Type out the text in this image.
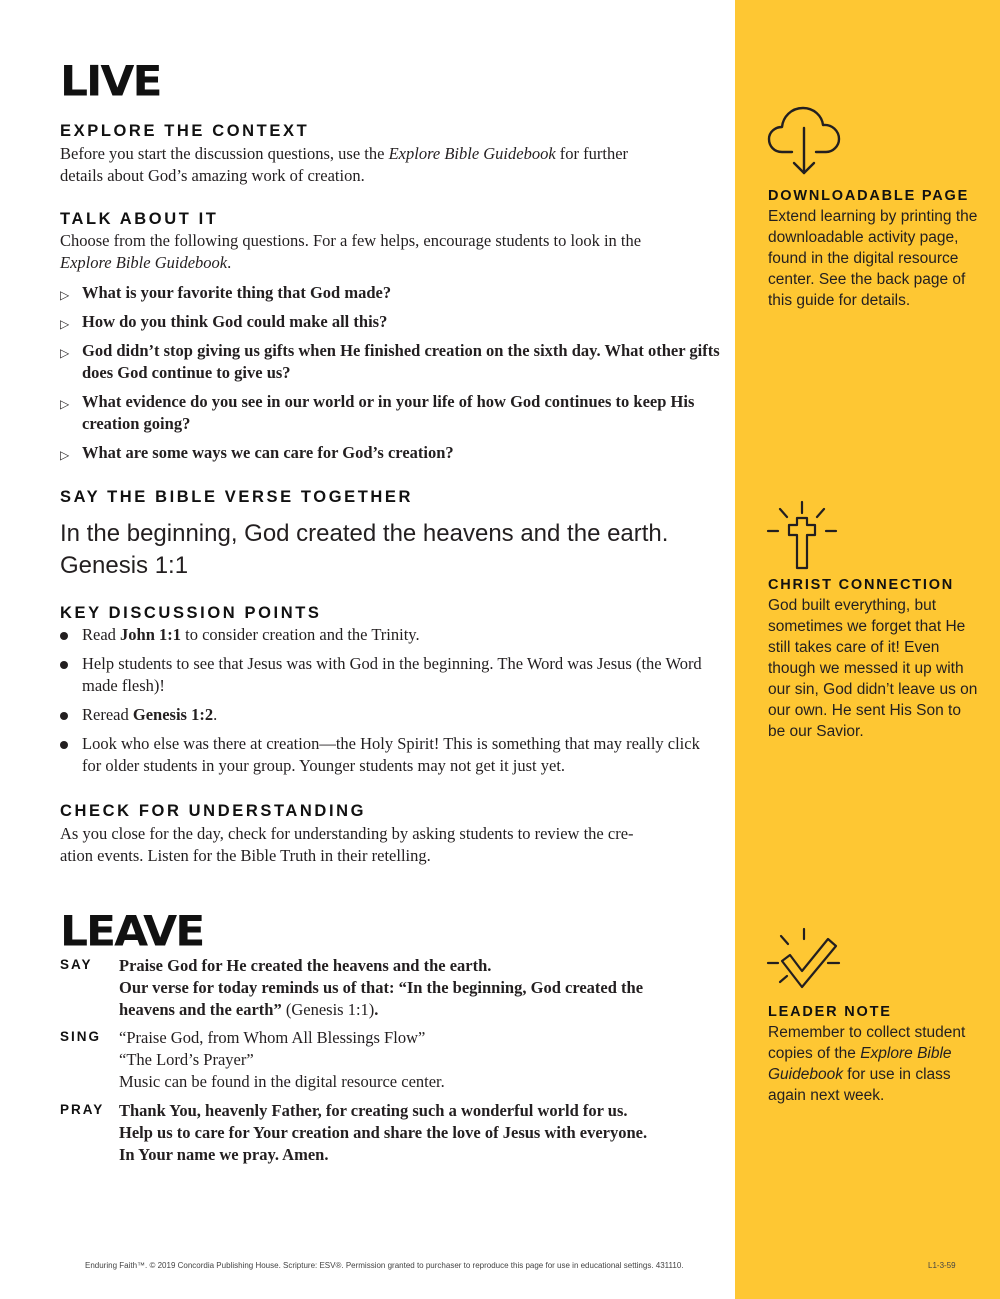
LIVE
EXPLORE THE CONTEXT

Before you start the discussion questions, use the Explore Bible Guidebook for further
details about God’s amazing work of creation.

TALK ABOUT IT

Choose from the following questions. For a few helps, encourage students to look in the
Explore Bible Guidebook.

▷ What is your favorite thing that God made?
▷ How do you think God could make all this?
▷ God didn’t stop giving us gifts when He finished creation on the sixth day. What other gifts does God continue to give us?
▷ What evidence do you see in our world or in your life of how God continues to keep His creation going?
▷ What are some ways we can care for God’s creation?
SAY THE BIBLE VERSE TOGETHER

In the beginning, God created the heavens and the earth. Genesis 1:1

KEY DISCUSSION POINTS
Read John 1:1 to consider creation and the Trinity.
Help students to see that Jesus was with God in the beginning. The Word was Jesus (the Word made flesh)!
Reread Genesis 1:2.
Look who else was there at creation—the Holy Spirit! This is something that may really click for older students in your group. Younger students may not get it just yet.
CHECK FOR UNDERSTANDING

As you close for the day, check for understanding by asking students to review the cre-
ation events. Listen for the Bible Truth in their retelling.

LEAVE
SAY Praise God for He created the heavens and the earth.
Our verse for today reminds us of that: “In the beginning, God created the
heavens and the earth” (Genesis 1:1).
SING “Praise God, from Whom All Blessings Flow”
“The Lord’s Prayer”
Music can be found in the digital resource center.
PRAY Thank You, heavenly Father, for creating such a wonderful world for us.
Help us to care for Your creation and share the love of Jesus with everyone.
In Your name we pray. Amen.
DOWNLOADABLE PAGE
Extend learning by printing the downloadable activity page, found in the digital resource center. See the back page of this guide for details.
CHRIST CONNECTION
God built everything, but sometimes we forget that He still takes care of it! Even though we messed it up with our sin, God didn’t leave us on our own. He sent His Son to be our Savior.
LEADER NOTE
Remember to collect student copies of the Explore Bible Guidebook for use in class again next week.
Enduring Faith™. © 2019 Concordia Publishing House. Scripture: ESV®. Permission granted to purchaser to reproduce this page for use in educational settings. 431110.	L1-3-59
